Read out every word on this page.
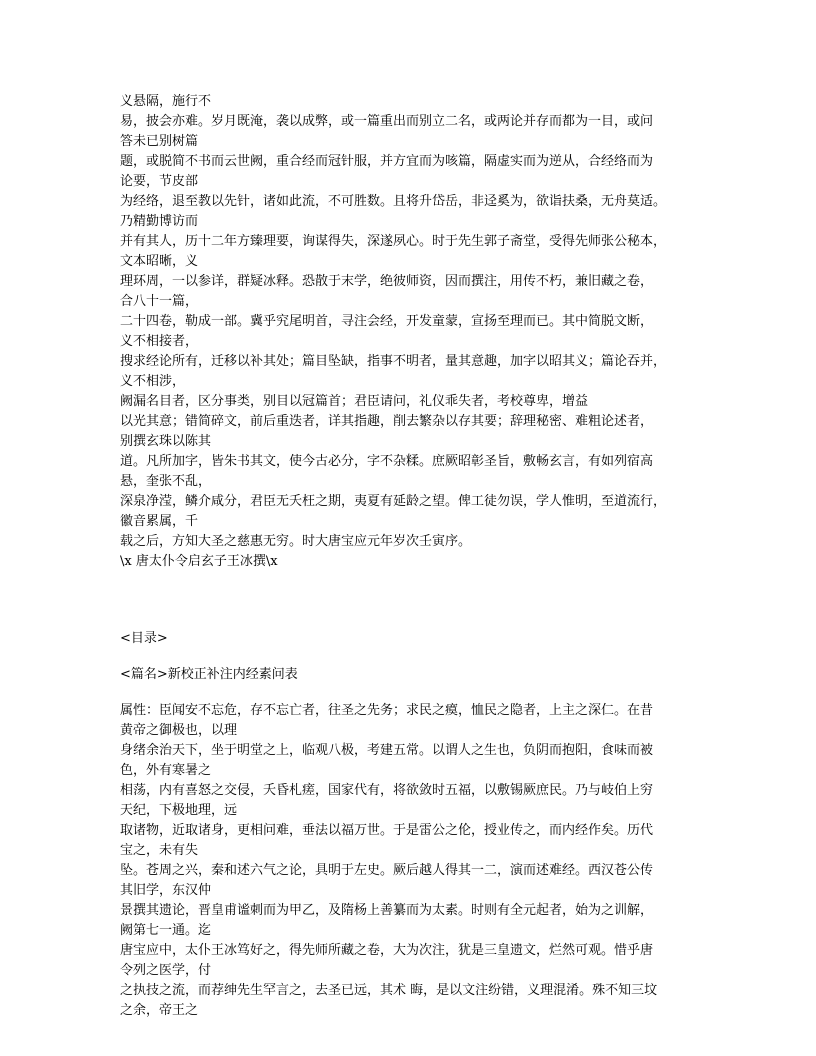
义悬隔，施行不
易，披会亦难。岁月既淹，袭以成弊，或一篇重出而别立二名，或两论并存而都为一目，或问
答未已别树篇
题，或脱简不书而云世阙，重合经而冠针服，并方宜而为咳篇，隔虚实而为逆从，合经络而为
论要，节皮部
为经络，退至教以先针，诸如此流，不可胜数。且将升岱岳，非迳奚为，欲诣扶桑，无舟莫适。
乃精勤博访而
并有其人，历十二年方臻理要，询谋得失，深遂夙心。时于先生郭子斋堂，受得先师张公秘本，
文本昭晰，义
理环周，一以参详，群疑冰释。恐散于末学，绝彼师资，因而撰注，用传不朽，兼旧藏之卷，
合八十一篇，
二十四卷，勒成一部。冀乎究尾明首，寻注会经，开发童蒙，宣扬至理而已。其中简脱文断，
义不相接者，
搜求经论所有，迁移以补其处；篇目坠缺，指事不明者，量其意趣，加字以昭其义；篇论吞并，
义不相涉，
阙漏名目者，区分事类，别目以冠篇首；君臣请问，礼仪乖失者，考校尊卑，增益
以光其意；错简碎文，前后重迭者，详其指趣，削去繁杂以存其要；辞理秘密、难粗论述者，
别撰玄珠以陈其
道。凡所加字，皆朱书其文，使今古必分，字不杂糅。庶厥昭彰圣旨，敷畅玄言，有如列宿高
悬，奎张不乱，
深泉净滢，鳞介咸分，君臣无夭枉之期，夷夏有延龄之望。俾工徒勿误，学人惟明，至道流行，
徽音累属，千
载之后，方知大圣之慈惠无穷。时大唐宝应元年岁次壬寅序。
\x 唐太仆令启玄子王冰撰\x
<目录>
<篇名>新校正补注内经素问表
属性：臣闻安不忘危，存不忘亡者，往圣之先务；求民之瘼，恤民之隐者，上主之深仁。在昔
黄帝之御极也，以理
身绪余治天下，坐于明堂之上，临观八极，考建五常。以谓人之生也，负阴而抱阳，食味而被
色，外有寒暑之
相荡，内有喜怒之交侵，夭昏札瘥，国家代有，将欲敛时五福，以敷锡厥庶民。乃与岐伯上穷
天纪，下极地理，远
取诸物，近取诸身，更相问难，垂法以福万世。于是雷公之伦，授业传之，而内经作矣。历代
宝之，未有失
坠。苍周之兴，秦和述六气之论，具明于左史。厥后越人得其一二，演而述难经。西汉苍公传
其旧学，东汉仲
景撰其遗论，晋皇甫谧刺而为甲乙，及隋杨上善纂而为太素。时则有全元起者，始为之训解，
阙第七一通。迄
唐宝应中，太仆王冰笃好之，得先师所藏之卷，大为次注，犹是三皇遗文，烂然可观。惜乎唐
令列之医学，付
之执技之流，而荐绅先生罕言之，去圣已远，其术 晦，是以文注纷错，义理混淆。殊不知三坟
之余，帝王之
